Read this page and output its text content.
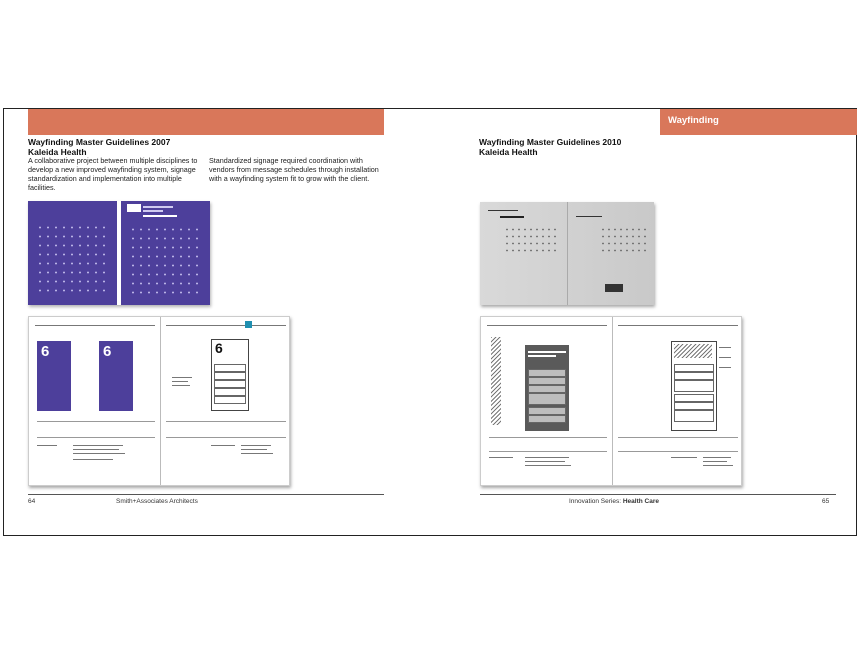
Wayfinding
Wayfinding Master Guidelines 2007
Kaleida Health
A collaborative project between multiple disciplines to develop a new improved wayfinding system, signage standardization and implementation into multiple facilities.
Standardized signage required coordination with vendors from message schedules through installation with a wayfinding system fit to grow with the client.
Wayfinding Master Guidelines 2010
Kaleida Health
6	6	6
64	Smith+Associates Architects	Innovation Series: Health Care	65
